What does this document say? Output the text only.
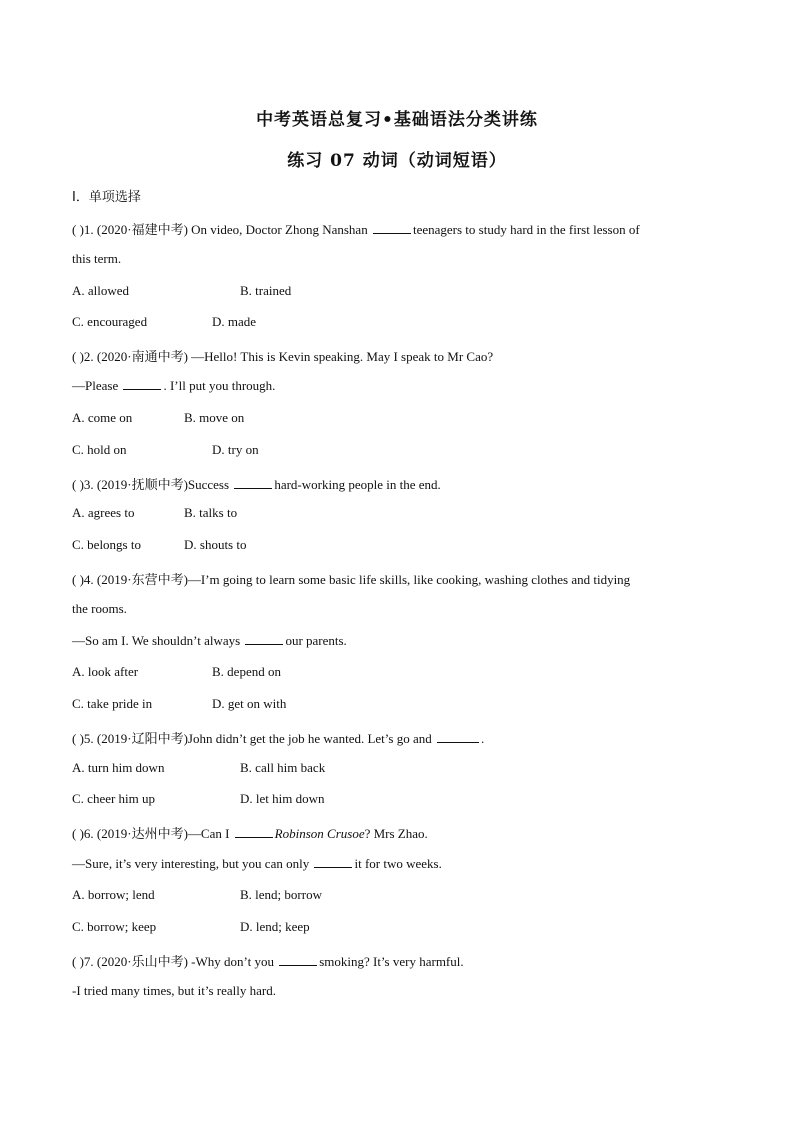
中考英语总复习•基础语法分类讲练
练习 07 动词（动词短语）
Ⅰ．单项选择
( )1. (2020·福建中考) On video, Doctor Zhong Nanshan	teenagers to study hard in the first lesson of
this term.
A. allowed	B. trained
C. encouraged	D. made
( )2. (2020·南通中考) —Hello! This is Kevin speaking. May I speak to Mr Cao?
—Please	. I’ll put you through.
A. come on	B. move on
C. hold on	D. try on
( )3. (2019·抚顺中考)Success	hard-working people in the end.
A. agrees to	B. talks to
C. belongs to	D. shouts to
( )4. (2019·东营中考)—I’m going to learn some basic life skills, like cooking, washing clothes and tidying
the rooms.
—So am I. We shouldn’t always	our parents.
A. look after	B. depend on
C. take pride in	D. get on with
( )5. (2019·辽阳中考)John didn’t get the job he wanted. Let’s go and	.
A. turn him down	B. call him back
C. cheer him up	D. let him down
( )6. (2019·达州中考)—Can I	Robinson Crusoe? Mrs Zhao.
—Sure, it’s very interesting, but you can only	it for two weeks.
A. borrow; lend	B. lend; borrow
C. borrow; keep	D. lend; keep
( )7. (2020·乐山中考) -Why don’t you	smoking? It’s very harmful.
-I tried many times, but it’s really hard.
